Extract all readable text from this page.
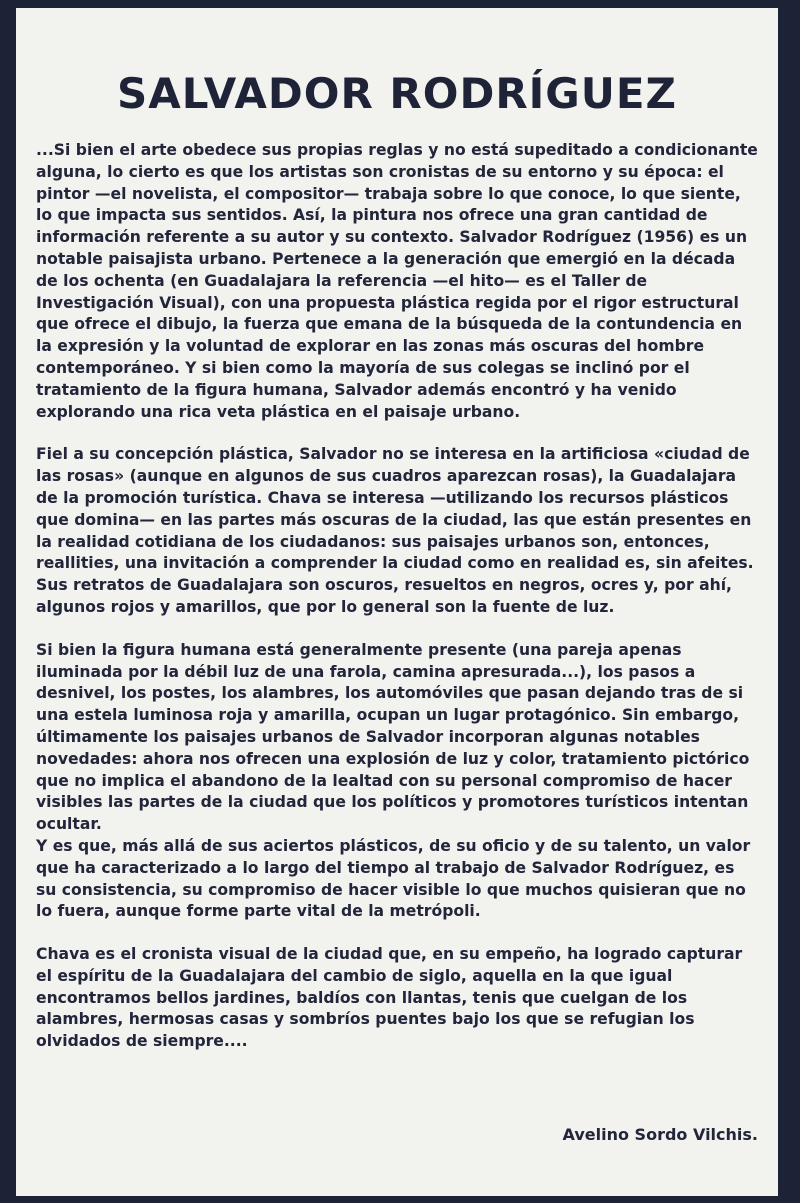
SALVADOR RODRÍGUEZ

...Si bien el arte obedece sus propias reglas y no está supeditado a condicionante alguna, lo cierto es que los artistas son cronistas de su entorno y su época: el pintor —el novelista, el compositor— trabaja sobre lo que conoce, lo que siente, lo que impacta sus sentidos. Así, la pintura nos ofrece una gran cantidad de información referente a su autor y su contexto. Salvador Rodríguez (1956) es un notable paisajista urbano. Pertenece a la generación que emergió en la década de los ochenta (en Guadalajara la referencia —el hito— es el Taller de Investigación Visual), con una propuesta plástica regida por el rigor estructural que ofrece el dibujo, la fuerza que emana de la búsqueda de la contundencia en la expresión y la voluntad de explorar en las zonas más oscuras del hombre contemporáneo. Y si bien como la mayoría de sus colegas se inclinó por el tratamiento de la figura humana, Salvador además encontró y ha venido explorando una rica veta plástica en el paisaje urbano.

Fiel a su concepción plástica, Salvador no se interesa en la artificiosa «ciudad de las rosas» (aunque en algunos de sus cuadros aparezcan rosas), la Guadalajara de la promoción turística. Chava se interesa —utilizando los recursos plásticos que domina— en las partes más oscuras de la ciudad, las que están presentes en la realidad cotidiana de los ciudadanos: sus paisajes urbanos son, entonces, reallities, una invitación a comprender la ciudad como en realidad es, sin afeites. Sus retratos de Guadalajara son oscuros, resueltos en negros, ocres y, por ahí, algunos rojos y amarillos, que por lo general son la fuente de luz.

Si bien la figura humana está generalmente presente (una pareja apenas iluminada por la débil luz de una farola, camina apresurada...), los pasos a desnivel, los postes, los alambres, los automóviles que pasan dejando tras de si una estela luminosa roja y amarilla, ocupan un lugar protagónico. Sin embargo, últimamente los paisajes urbanos de Salvador incorporan algunas notables novedades: ahora nos ofrecen una explosión de luz y color, tratamiento pictórico que no implica el abandono de la lealtad con su personal compromiso de hacer visibles las partes de la ciudad que los políticos y promotores turísticos intentan ocultar.

Y es que, más allá de sus aciertos plásticos, de su oficio y de su talento, un valor que ha caracterizado a lo largo del tiempo al trabajo de Salvador Rodríguez, es su consistencia, su compromiso de hacer visible lo que muchos quisieran que no lo fuera, aunque forme parte vital de la metrópoli.

Chava es el cronista visual de la ciudad que, en su empeño, ha logrado capturar el espíritu de la Guadalajara del cambio de siglo, aquella en la que igual encontramos bellos jardines, baldíos con llantas, tenis que cuelgan de los alambres, hermosas casas y sombríos puentes bajo los que se refugian los olvidados de siempre....

Avelino Sordo Vilchis.
